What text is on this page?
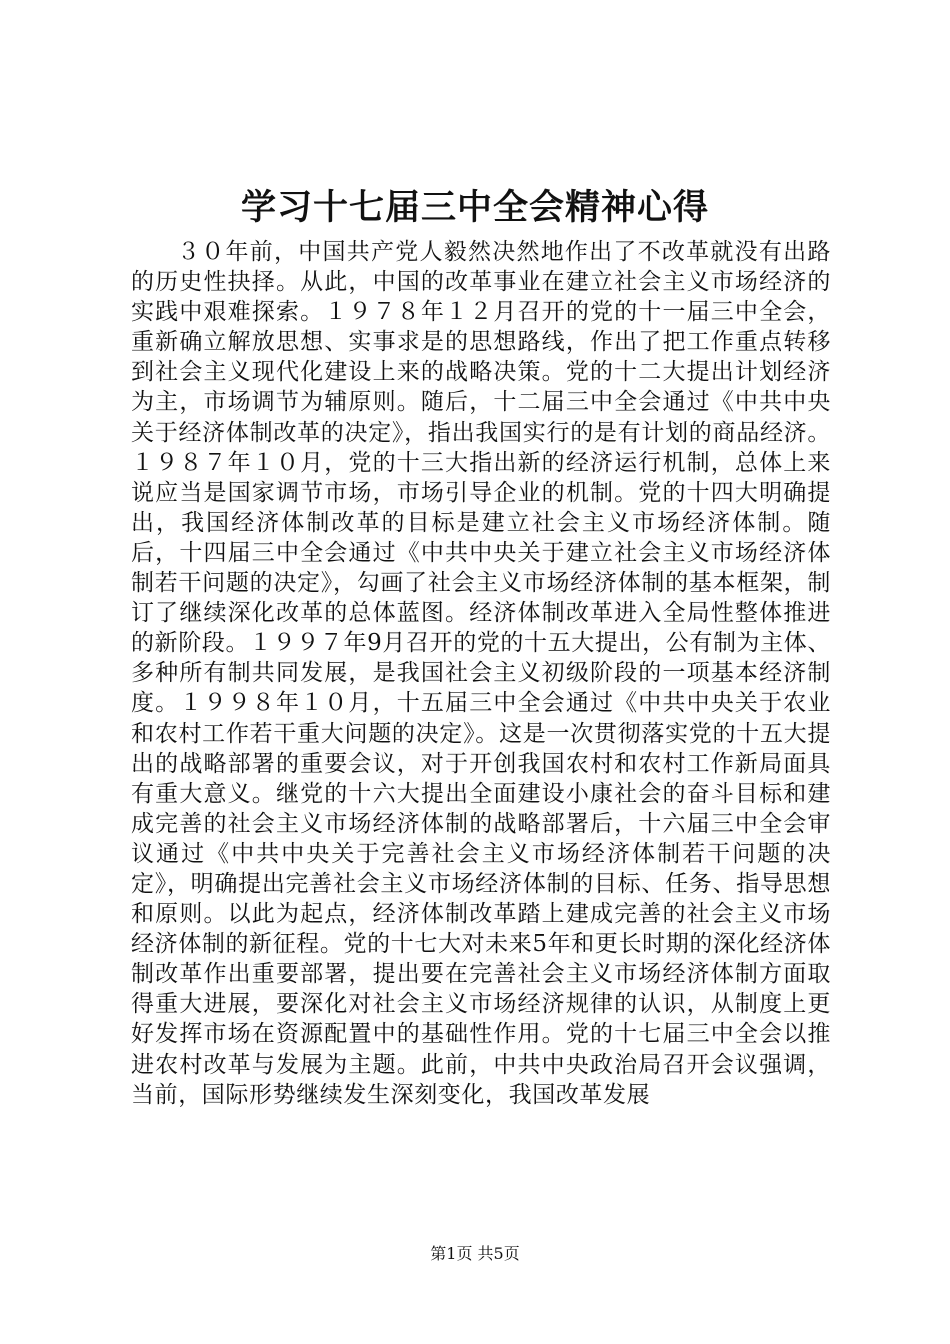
学习十七届三中全会精神心得

３０年前，中国共产党人毅然决然地作出了不改革就没有出路的历史性抉择。从此，中国的改革事业在建立社会主义市场经济的实践中艰难探索。１９７８年１２月召开的党的十一届三中全会，重新确立解放思想、实事求是的思想路线，作出了把工作重点转移到社会主义现代化建设上来的战略决策。党的十二大提出计划经济为主，市场调节为辅原则。随后，十二届三中全会通过《中共中央关于经济体制改革的决定》，指出我国实行的是有计划的商品经济。１９８７年１０月，党的十三大指出新的经济运行机制，总体上来说应当是国家调节市场，市场引导企业的机制。党的十四大明确提出，我国经济体制改革的目标是建立社会主义市场经济体制。随后，十四届三中全会通过《中共中央关于建立社会主义市场经济体制若干问题的决定》，勾画了社会主义市场经济体制的基本框架，制订了继续深化改革的总体蓝图。经济体制改革进入全局性整体推进的新阶段。１９９７年9月召开的党的十五大提出，公有制为主体、多种所有制共同发展，是我国社会主义初级阶段的一项基本经济制度。１９９８年１０月，十五届三中全会通过《中共中央关于农业和农村工作若干重大问题的决定》。这是一次贯彻落实党的十五大提出的战略部署的重要会议，对于开创我国农村和农村工作新局面具有重大意义。继党的十六大提出全面建设小康社会的奋斗目标和建成完善的社会主义市场经济体制的战略部署后，十六届三中全会审议通过《中共中央关于完善社会主义市场经济体制若干问题的决定》，明确提出完善社会主义市场经济体制的目标、任务、指导思想和原则。以此为起点，经济体制改革踏上建成完善的社会主义市场经济体制的新征程。党的十七大对未来5年和更长时期的深化经济体制改革作出重要部署，提出要在完善社会主义市场经济体制方面取得重大进展，要深化对社会主义市场经济规律的认识，从制度上更好发挥市场在资源配置中的基础性作用。党的十七届三中全会以推进农村改革与发展为主题。此前，中共中央政治局召开会议强调，当前，国际形势继续发生深刻变化，我国改革发展

第1页 共5页
